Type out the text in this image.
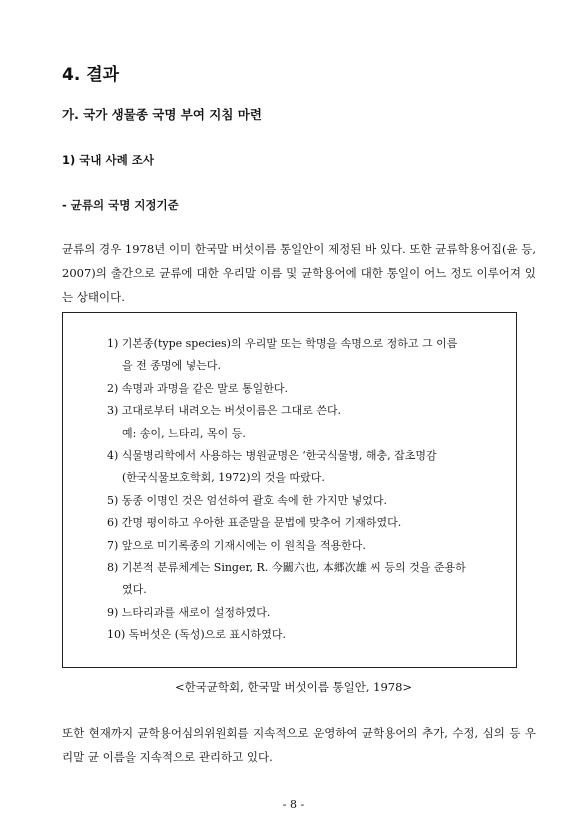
4. 결과
가. 국가 생물종 국명 부여 지침 마련
1) 국내 사례 조사
- 균류의 국명 지정기준
균류의 경우 1978년 이미 한국말 버섯이름 통일안이 제정된 바 있다. 또한 균류학용어집(윤 등, 2007)의 출간으로 균류에 대한 우리말 이름 및 균학용어에 대한 통일이 어느 정도 이루어져 있는 상태이다.
1) 기본종(type species)의 우리말 또는 학명을 속명으로 정하고 그 이름
을 전 종명에 넣는다.
2) 속명과 과명을 같은 말로 통일한다.
3) 고대로부터 내려오는 버섯이름은 그대로 쓴다.
예: 송이, 느타리, 목이 등.
4) 식물병리학에서 사용하는 병원균명은 ‘한국식물병, 해충, 잡초명감
(한국식물보호학회, 1972)의 것을 따랐다.
5) 동종 이명인 것은 엄선하여 괄호 속에 한 가지만 넣었다.
6) 간명 평이하고 우아한 표준말을 문법에 맞추어 기재하였다.
7) 앞으로 미기록종의 기재시에는 이 원칙을 적용한다.
8) 기본적 분류체계는 Singer, R. 今關六也, 本郷次雄 씨 등의 것을 준용하
였다.
9) 느타리과를 새로이 설정하였다.
10) 독버섯은 (독성)으로 표시하였다.
<한국균학회, 한국말 버섯이름 통일안, 1978>
또한 현재까지 균학용어심의위원회를 지속적으로 운영하여 균학용어의 추가, 수정, 심의 등 우리말 균 이름을 지속적으로 관리하고 있다.
- 8 -
